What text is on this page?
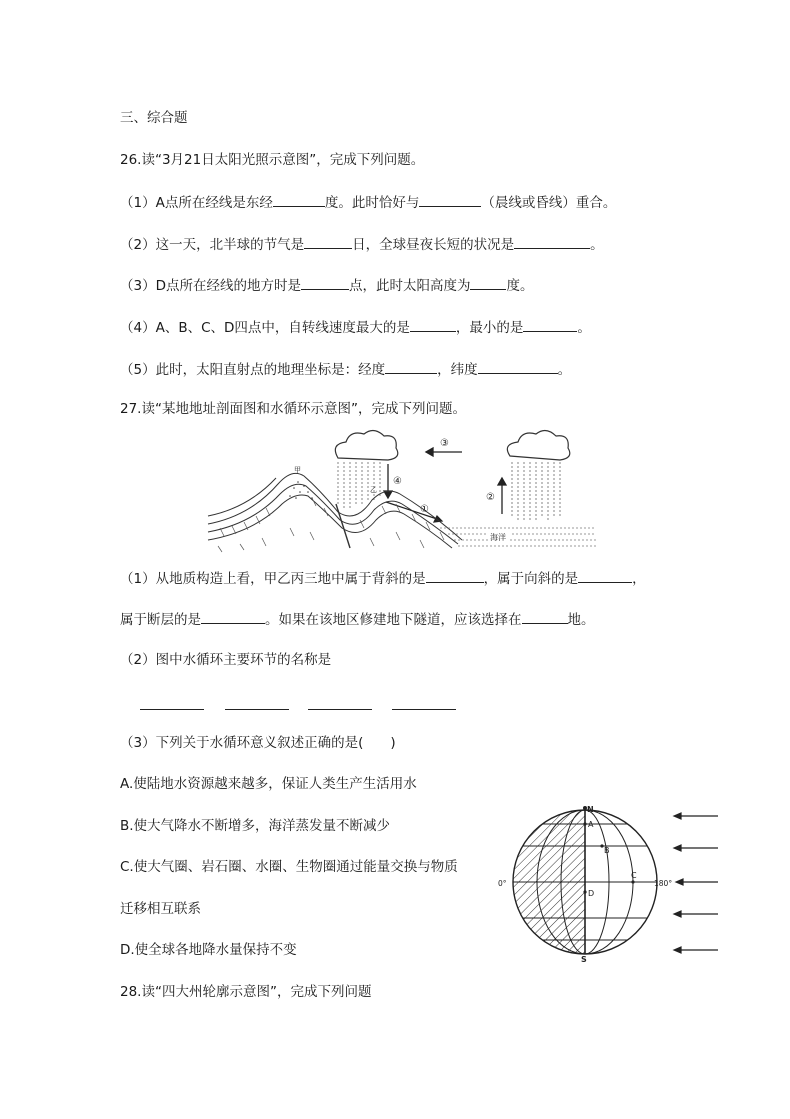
三、综合题
26.读“3月21日太阳光照示意图”，完成下列问题。
（1）A点所在经线是东经	度。此时恰好与	（晨线或昏线）重合。
（2）这一天，北半球的节气是	日，全球昼夜长短的状况是	。
（3）D点所在经线的地方时是	点，此时太阳高度为	度。
（4）A、B、C、D四点中，自转线速度最大的是	，最小的是	。
（5）此时，太阳直射点的地理坐标是：经度	，纬度	。
27.读“某地地址剖面图和水循环示意图”，完成下列问题。
③
④
②
①
海洋
甲
乙
（1）从地质构造上看，甲乙丙三地中属于背斜的是	，属于向斜的是	，
属于断层的是	。如果在该地区修建地下隧道，应该选择在	地。
（2）图中水循环主要环节的名称是
（3）下列关于水循环意义叙述正确的是(　　)
A.使陆地水资源越来越多，保证人类生产生活用水
B.使大气降水不断增多，海洋蒸发量不断减少
C.使大气圈、岩石圈、水圈、生物圈通过能量交换与物质
迁移相互联系
D.使全球各地降水量保持不变
28.读“四大州轮廓示意图”，完成下列问题
N
S
A
B
C
D
0°	180°
